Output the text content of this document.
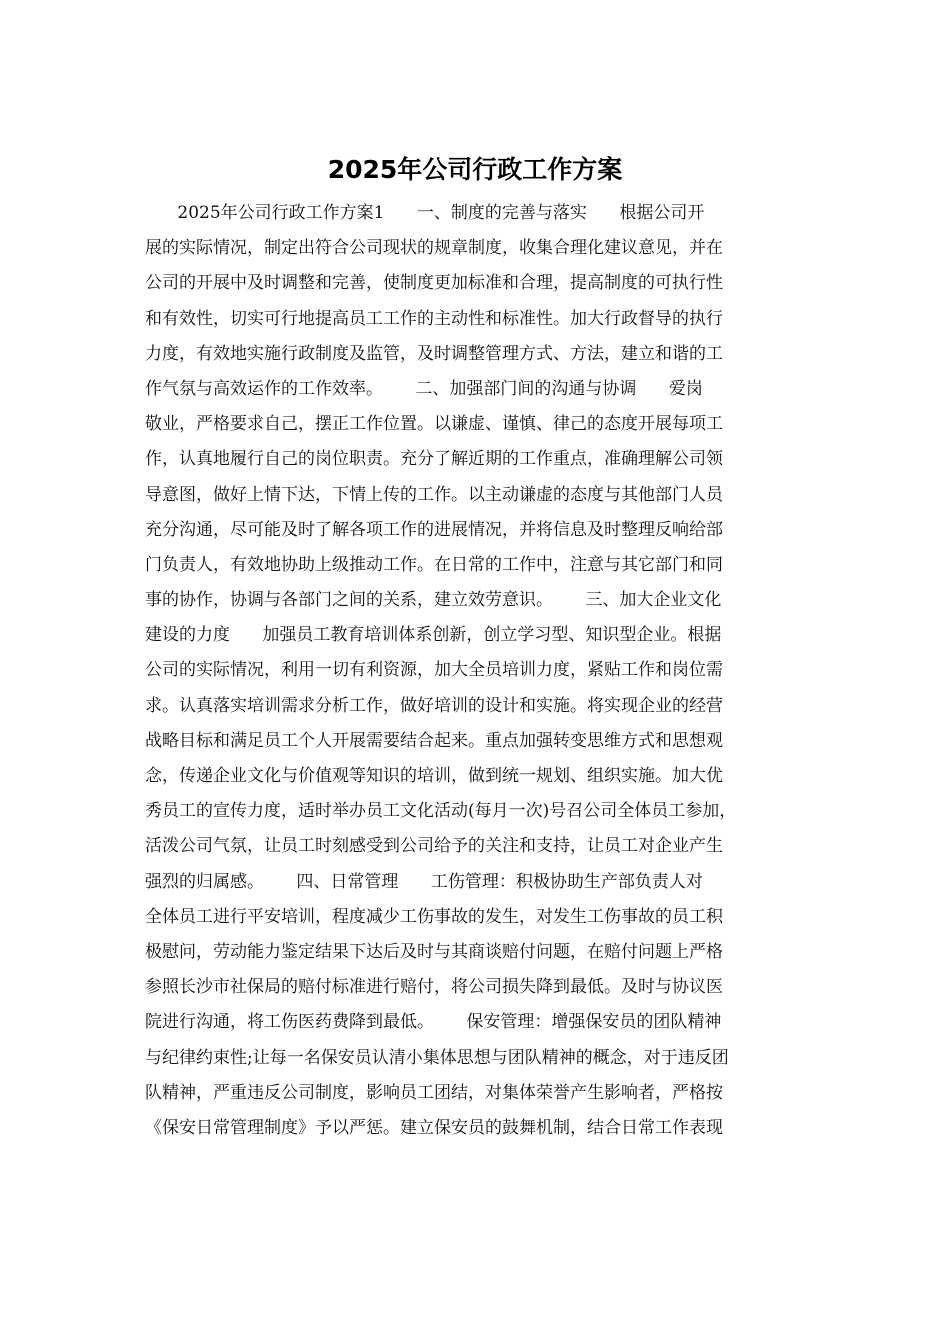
2025年公司行政工作方案
2025年公司行政工作方案1      一、制度的完善与落实      根据公司开
展的实际情况，制定出符合公司现状的规章制度，收集合理化建议意见，并在
公司的开展中及时调整和完善，使制度更加标准和合理，提高制度的可执行性
和有效性，切实可行地提高员工工作的主动性和标准性。加大行政督导的执行
力度，有效地实施行政制度及监管，及时调整管理方式、方法，建立和谐的工
作气氛与高效运作的工作效率。      二、加强部门间的沟通与协调      爱岗
敬业，严格要求自己，摆正工作位置。以谦虚、谨慎、律己的态度开展每项工
作，认真地履行自己的岗位职责。充分了解近期的工作重点，准确理解公司领
导意图，做好上情下达，下情上传的工作。以主动谦虚的态度与其他部门人员
充分沟通，尽可能及时了解各项工作的进展情况，并将信息及时整理反响给部
门负责人，有效地协助上级推动工作。在日常的工作中，注意与其它部门和同
事的协作，协调与各部门之间的关系，建立效劳意识。      三、加大企业文化
建设的力度      加强员工教育培训体系创新，创立学习型、知识型企业。根据
公司的实际情况，利用一切有利资源，加大全员培训力度，紧贴工作和岗位需
求。认真落实培训需求分析工作，做好培训的设计和实施。将实现企业的经营
战略目标和满足员工个人开展需要结合起来。重点加强转变思维方式和思想观
念，传递企业文化与价值观等知识的培训，做到统一规划、组织实施。加大优
秀员工的宣传力度，适时举办员工文化活动(每月一次)号召公司全体员工参加，
活泼公司气氛，让员工时刻感受到公司给予的关注和支持，让员工对企业产生
强烈的归属感。      四、日常管理      工伤管理：积极协助生产部负责人对
全体员工进行平安培训，程度减少工伤事故的发生，对发生工伤事故的员工积
极慰问，劳动能力鉴定结果下达后及时与其商谈赔付问题，在赔付问题上严格
参照长沙市社保局的赔付标准进行赔付，将公司损失降到最低。及时与协议医
院进行沟通，将工伤医药费降到最低。      保安管理：增强保安员的团队精神
与纪律约束性;让每一名保安员认清小集体思想与团队精神的概念，对于违反团
队精神，严重违反公司制度，影响员工团结，对集体荣誉产生影响者，严格按
《保安日常管理制度》予以严惩。建立保安员的鼓舞机制，结合日常工作表现
